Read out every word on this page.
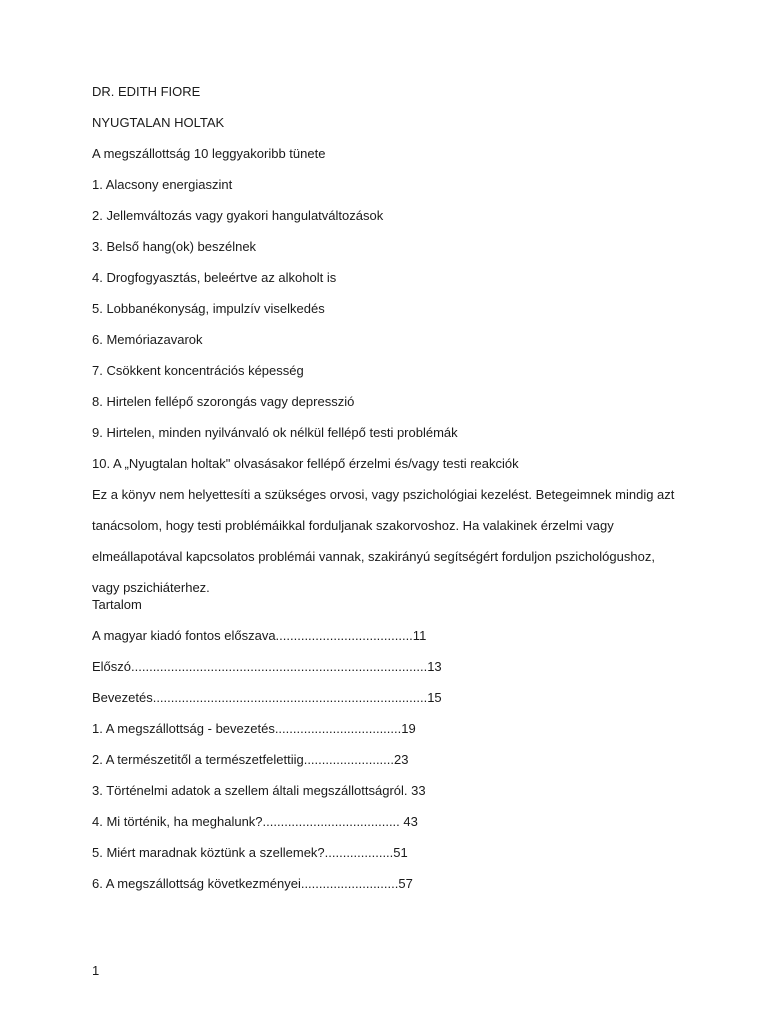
DR. EDITH FIORE
NYUGTALAN HOLTAK
A megszállottság 10 leggyakoribb tünete
1. Alacsony energiaszint
2. Jellemváltozás vagy gyakori hangulatváltozások
3. Belső hang(ok) beszélnek
4. Drogfogyasztás, beleértve az alkoholt is
5. Lobbanékonyság, impulzív viselkedés
6. Memóriazavarok
7. Csökkent koncentrációs képesség
8. Hirtelen fellépő szorongás vagy depresszió
9. Hirtelen, minden nyilvánvaló ok nélkül fellépő testi problémák
10. A „Nyugtalan holtak" olvasásakor fellépő érzelmi és/vagy testi reakciók
Ez a könyv nem helyettesíti a szükséges orvosi, vagy pszichológiai kezelést. Betegeimnek mindig azt
tanácsolom, hogy testi problémáikkal forduljanak szakorvoshoz. Ha valakinek érzelmi vagy
elmeállapotával kapcsolatos problémái vannak, szakirányú segítségért forduljon pszichológushoz,
vagy pszichiáterhez.
Tartalom
A magyar kiadó fontos előszava......................................11
Előszó..................................................................................13
Bevezetés............................................................................15
1. A megszállottság - bevezetés...................................19
2. A természetitől a természetfelettiig.........................23
3. Történelmi adatok a szellem általi megszállottságról. 33
4. Mi történik, ha meghalunk?...................................... 43
5. Miért maradnak köztünk a szellemek?...................51
6. A megszállottság következményei...........................57
1
